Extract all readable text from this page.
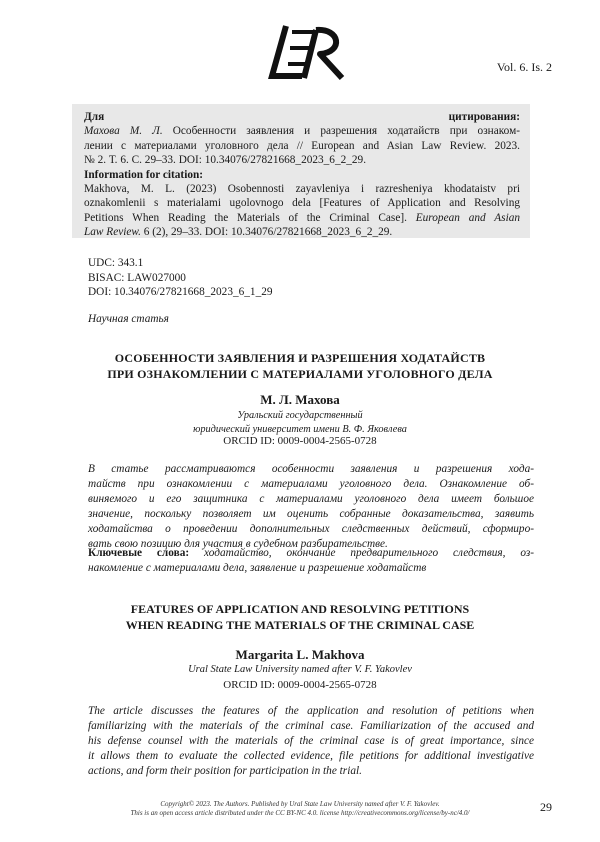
Vol. 6. Is. 2
Для цитирования:
Махова М. Л. Особенности заявления и разрешения ходатайств при ознаком-
лении с материалами уголовного дела // European and Asian Law Review. 2023.
№ 2. Т. 6. С. 29–33. DOI: 10.34076/27821668_2023_6_2_29.
Information for citation:
Makhova, M. L. (2023) Osobennosti zayavleniya i razresheniya khodataistv pri
oznakomlenii s materialami ugolovnogo dela [Features of Application and Resolving
Petitions When Reading the Materials of the Criminal Case]. European and Asian
Law Review. 6 (2), 29–33. DOI: 10.34076/27821668_2023_6_2_29.
UDC: 343.1
BISAC: LAW027000
DOI: 10.34076/27821668_2023_6_1_29
Научная статья
ОСОБЕННОСТИ ЗАЯВЛЕНИЯ И РАЗРЕШЕНИЯ ХОДАТАЙСТВ
ПРИ ОЗНАКОМЛЕНИИ С МАТЕРИАЛАМИ УГОЛОВНОГО ДЕЛА
М. Л. Махова
Уральский государственный
юридический университет имени В. Ф. Яковлева
ORCID ID: 0009-0004-2565-0728
В статье рассматриваются особенности заявления и разрешения хода-
тайств при ознакомлении с материалами уголовного дела. Ознакомление об-
виняемого и его защитника с материалами уголовного дела имеет большое
значение, поскольку позволяет им оценить собранные доказательства, заявить
ходатайства о проведении дополнительных следственных действий, сформиро-
вать свою позицию для участия в судебном разбирательстве.
Ключевые слова: ходатайство, окончание предварительного следствия, оз-
накомление с материалами дела, заявление и разрешение ходатайств
FEATURES OF APPLICATION AND RESOLVING PETITIONS
WHEN READING THE MATERIALS OF THE CRIMINAL CASE
Margarita L. Makhova
Ural State Law University named after V. F. Yakovlev
ORCID ID: 0009-0004-2565-0728
The article discusses the features of the application and resolution of petitions when
familiarizing with the materials of the criminal case. Familiarization of the accused and
his defense counsel with the materials of the criminal case is of great importance, since
it allows them to evaluate the collected evidence, file petitions for additional investigative
actions, and form their position for participation in the trial.
Copyright© 2023. The Authors. Published by Ural State Law University named after V. F. Yakovlev.
This is an open access article distributed under the CC BY-NC 4.0. license http://creativecommons.org/license/by-nc/4.0/	29
